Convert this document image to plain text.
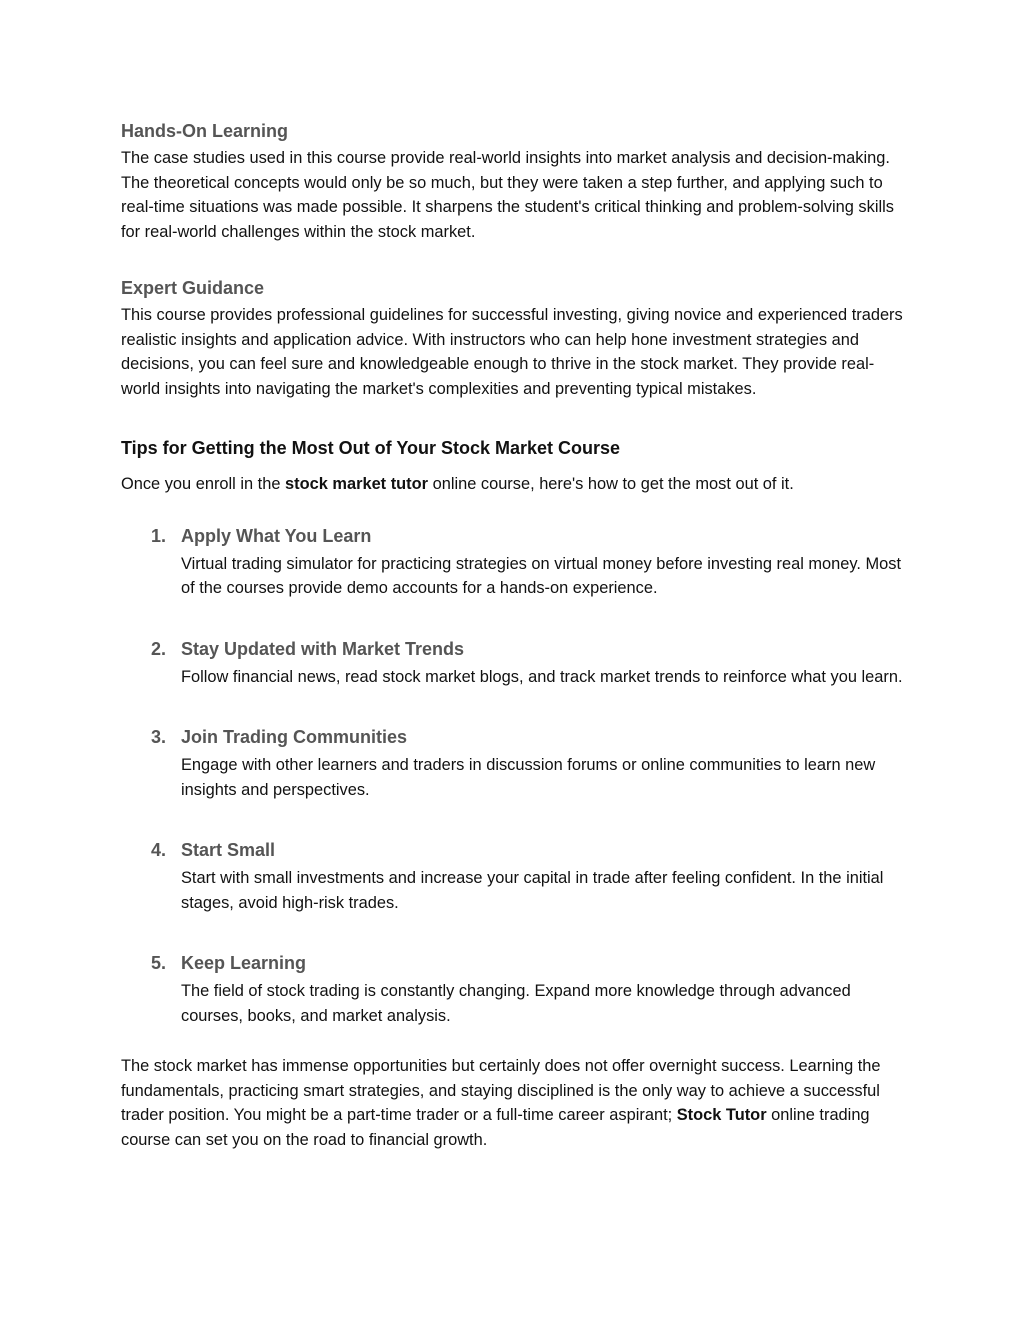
Hands-On Learning

The case studies used in this course provide real-world insights into market analysis and decision-making. The theoretical concepts would only be so much, but they were taken a step further, and applying such to real-time situations was made possible. It sharpens the student's critical thinking and problem-solving skills for real-world challenges within the stock market.

Expert Guidance

This course provides professional guidelines for successful investing, giving novice and experienced traders realistic insights and application advice. With instructors who can help hone investment strategies and decisions, you can feel sure and knowledgeable enough to thrive in the stock market. They provide real-world insights into navigating the market's complexities and preventing typical mistakes.

Tips for Getting the Most Out of Your Stock Market Course

Once you enroll in the stock market tutor online course, here's how to get the most out of it.

1. Apply What You Learn
Virtual trading simulator for practicing strategies on virtual money before investing real money. Most of the courses provide demo accounts for a hands-on experience.
2. Stay Updated with Market Trends
Follow financial news, read stock market blogs, and track market trends to reinforce what you learn.
3. Join Trading Communities
Engage with other learners and traders in discussion forums or online communities to learn new insights and perspectives.
4. Start Small
Start with small investments and increase your capital in trade after feeling confident. In the initial stages, avoid high-risk trades.
5. Keep Learning
The field of stock trading is constantly changing. Expand more knowledge through advanced courses, books, and market analysis.

The stock market has immense opportunities but certainly does not offer overnight success. Learning the fundamentals, practicing smart strategies, and staying disciplined is the only way to achieve a successful trader position. You might be a part-time trader or a full-time career aspirant; Stock Tutor online trading course can set you on the road to financial growth.
